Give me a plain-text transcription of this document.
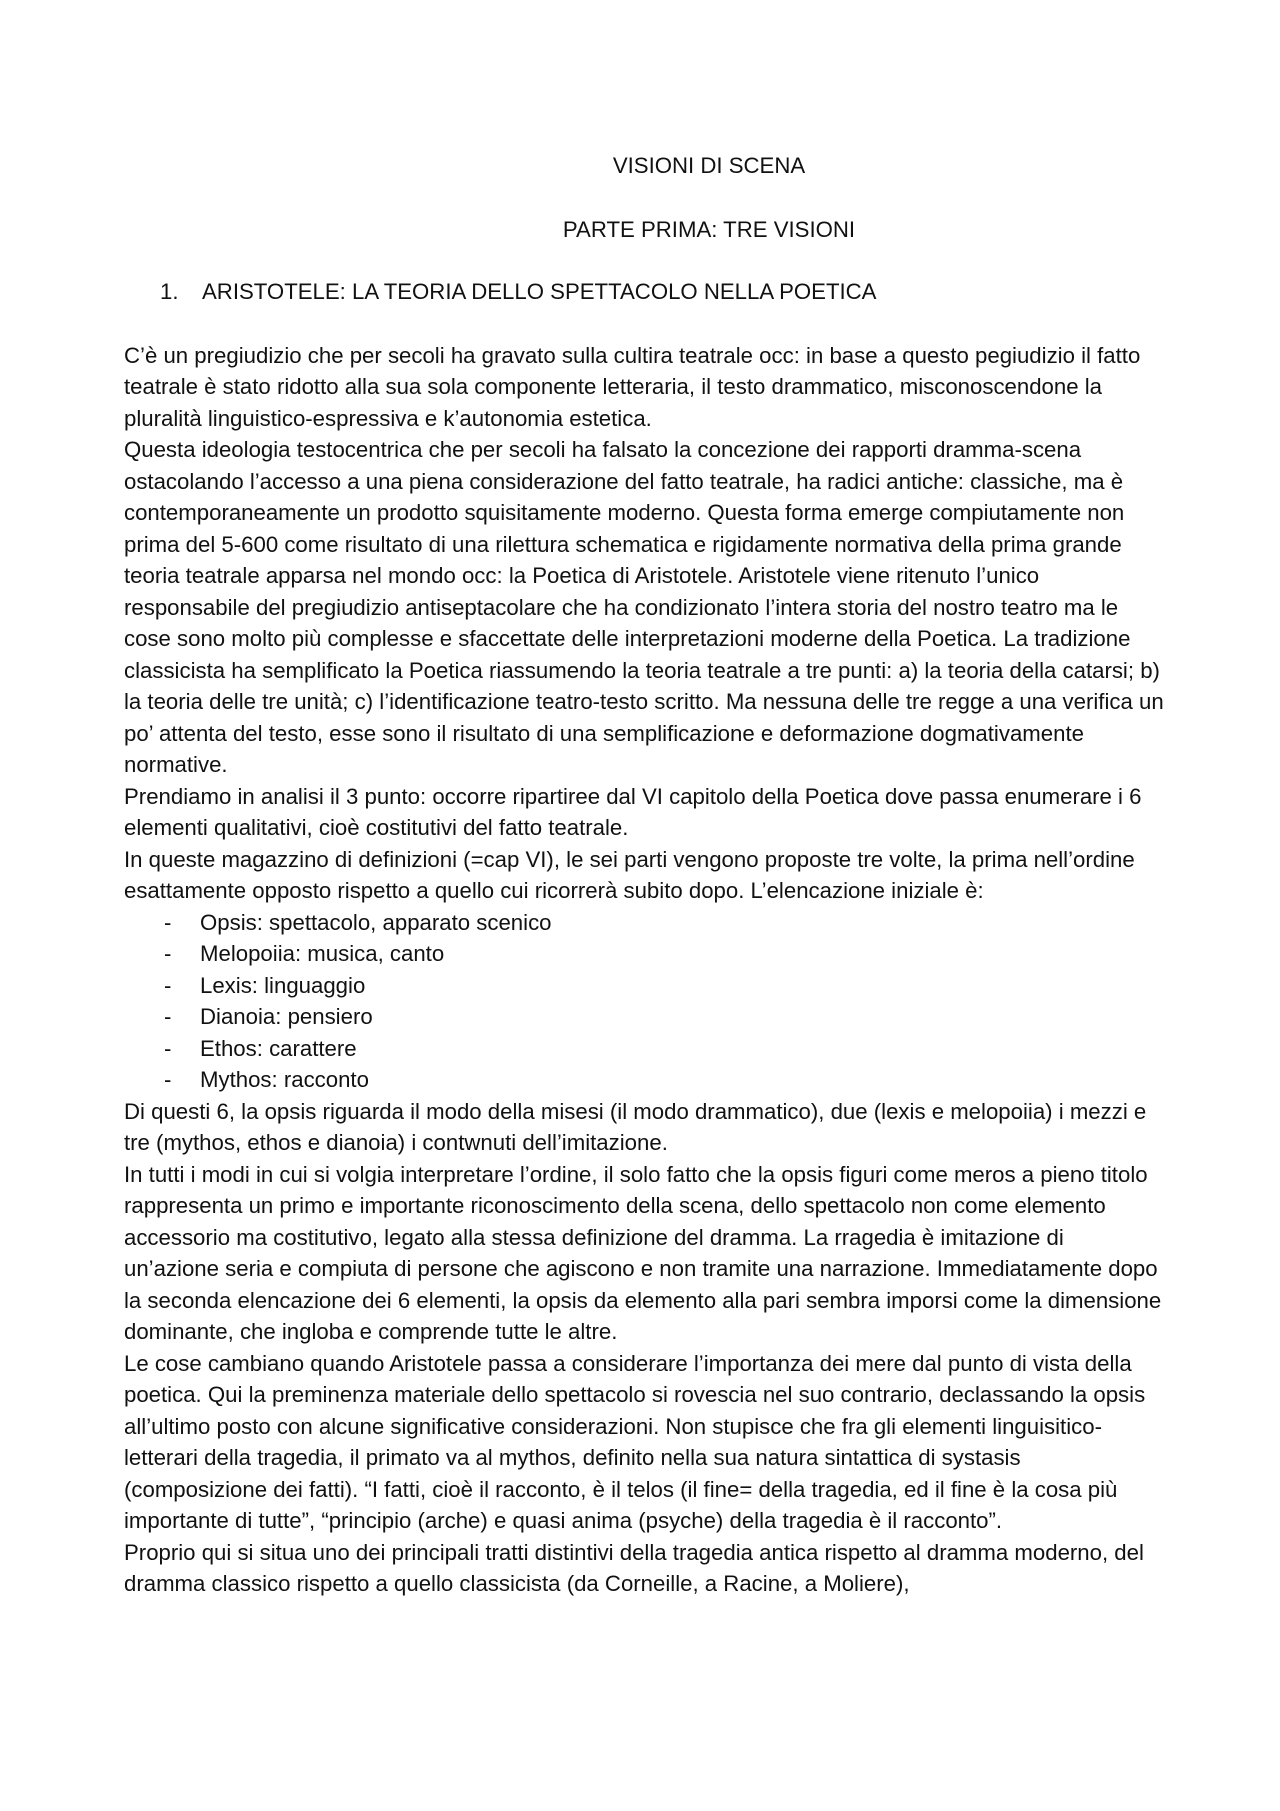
VISIONI DI SCENA
PARTE PRIMA: TRE VISIONI
1.	ARISTOTELE: LA TEORIA DELLO SPETTACOLO NELLA POETICA

C’è un pregiudizio che per secoli ha gravato sulla cultira teatrale occ: in base a questo pegiudizio il fatto teatrale è stato ridotto alla sua sola componente letteraria, il testo drammatico, misconoscendone la pluralità linguistico-espressiva e k’autonomia estetica.

Questa ideologia testocentrica che per secoli ha falsato la concezione dei rapporti dramma-scena ostacolando l’accesso a una piena considerazione del fatto teatrale, ha radici antiche: classiche, ma è contemporaneamente un prodotto squisitamente moderno. Questa forma emerge compiutamente non prima del 5-600 come risultato di una rilettura schematica e rigidamente normativa della prima grande teoria teatrale apparsa nel mondo occ: la Poetica di Aristotele. Aristotele viene ritenuto l’unico responsabile del pregiudizio antiseptacolare che ha condizionato l’intera storia del nostro teatro ma le cose sono molto più complesse e sfaccettate delle interpretazioni moderne della Poetica. La tradizione classicista ha semplificato la Poetica riassumendo la teoria teatrale a tre punti: a) la teoria della catarsi; b) la teoria delle tre unità; c) l’identificazione teatro-testo scritto. Ma nessuna delle tre regge a una verifica un po’ attenta del testo, esse sono il risultato di una semplificazione e deformazione dogmativamente normative.

Prendiamo in analisi il 3 punto: occorre ripartiree dal VI capitolo della Poetica dove passa enumerare i 6 elementi qualitativi, cioè costitutivi del fatto teatrale.

In queste magazzino di definizioni (=cap VI), le sei parti vengono proposte tre volte, la prima nell’ordine esattamente opposto rispetto a quello cui ricorrerà subito dopo. L’elencazione iniziale è:

-	Opsis: spettacolo, apparato scenico
-	Melopoiia: musica, canto
-	Lexis: linguaggio
-	Dianoia: pensiero
-	Ethos: carattere
-	Mythos: racconto

Di questi 6, la opsis riguarda il modo della misesi (il modo drammatico), due (lexis e melopoiia) i mezzi e tre (mythos, ethos e dianoia) i contwnuti dell’imitazione.

In tutti i modi in cui si volgia interpretare l’ordine, il solo fatto che la opsis figuri come meros a pieno titolo rappresenta un primo e importante riconoscimento della scena, dello spettacolo non come elemento accessorio ma costitutivo, legato alla stessa definizione del dramma. La rragedia è imitazione di un’azione seria e compiuta di persone che agiscono e non tramite una narrazione. Immediatamente dopo la seconda elencazione dei 6 elementi, la opsis da elemento alla pari sembra imporsi come la dimensione dominante, che ingloba e comprende tutte le altre.

Le cose cambiano quando Aristotele passa a considerare l’importanza dei mere dal punto di vista della poetica. Qui la preminenza materiale dello spettacolo si rovescia nel suo contrario, declassando la opsis all’ultimo posto con alcune significative considerazioni. Non stupisce che fra gli elementi linguisitico-letterari della tragedia, il primato va al mythos, definito nella sua natura sintattica di systasis (composizione dei fatti). “I fatti, cioè il racconto, è il telos (il fine= della tragedia, ed il fine è la cosa più importante di tutte”, “principio (arche) e quasi anima (psyche) della tragedia è il racconto”.

Proprio qui si situa uno dei principali tratti distintivi della tragedia antica rispetto al dramma moderno, del dramma classico rispetto a quello classicista (da Corneille, a Racine, a Moliere),
